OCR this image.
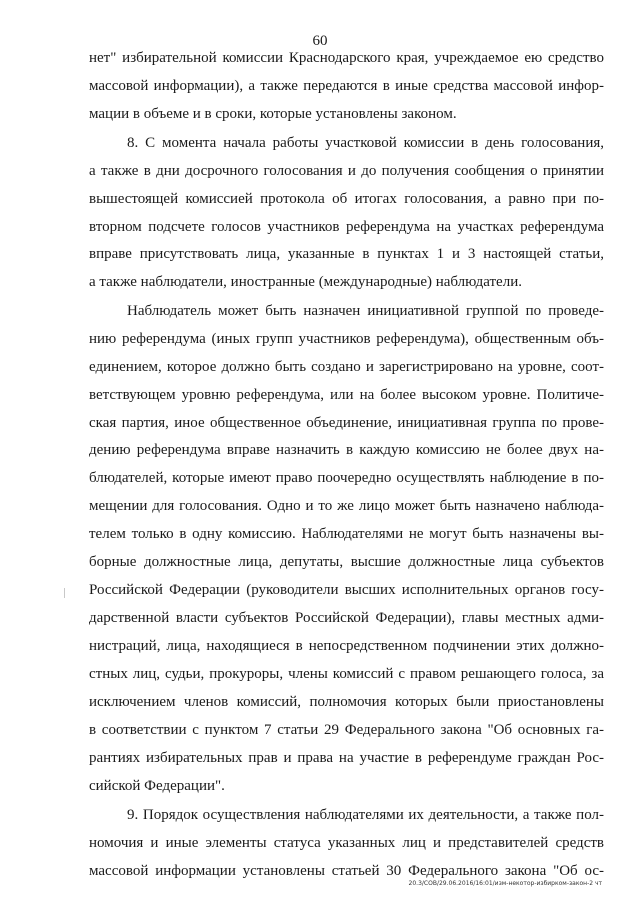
60
нет" избирательной комиссии Краснодарского края, учреждаемое ею средство
массовой информации), а также передаются в иные средства массовой инфор-
мации в объеме и в сроки, которые установлены законом.
8. С момента начала работы участковой комиссии в день голосования,
а также в дни досрочного голосования и до получения сообщения о принятии
вышестоящей комиссией протокола об итогах голосования, а равно при по-
вторном подсчете голосов участников референдума на участках референдума
вправе присутствовать лица, указанные в пунктах 1 и 3 настоящей статьи,
а также наблюдатели, иностранные (международные) наблюдатели.
Наблюдатель может быть назначен инициативной группой по проведе-
нию референдума (иных групп участников референдума), общественным объ-
единением, которое должно быть создано и зарегистрировано на уровне, соот-
ветствующем уровню референдума, или на более высоком уровне. Политиче-
ская партия, иное общественное объединение, инициативная группа по прове-
дению референдума вправе назначить в каждую комиссию не более двух на-
блюдателей, которые имеют право поочередно осуществлять наблюдение в по-
мещении для голосования. Одно и то же лицо может быть назначено наблюда-
телем только в одну комиссию. Наблюдателями не могут быть назначены вы-
борные должностные лица, депутаты, высшие должностные лица субъектов
Российской Федерации (руководители высших исполнительных органов госу-
дарственной власти субъектов Российской Федерации), главы местных адми-
нистраций, лица, находящиеся в непосредственном подчинении этих должно-
стных лиц, судьи, прокуроры, члены комиссий с правом решающего голоса, за
исключением членов комиссий, полномочия которых были приостановлены
в соответствии с пунктом 7 статьи 29 Федерального закона "Об основных га-
рантиях избирательных прав и права на участие в референдуме граждан Рос-
сийской Федерации".
9. Порядок осуществления наблюдателями их деятельности, а также пол-
номочия и иные элементы статуса указанных лиц и представителей средств
массовой информации установлены статьей 30 Федерального закона "Об ос-
20.3/СОВ/29.06.2016/16:01/изм-некотор-избирком-закон-2 чт
